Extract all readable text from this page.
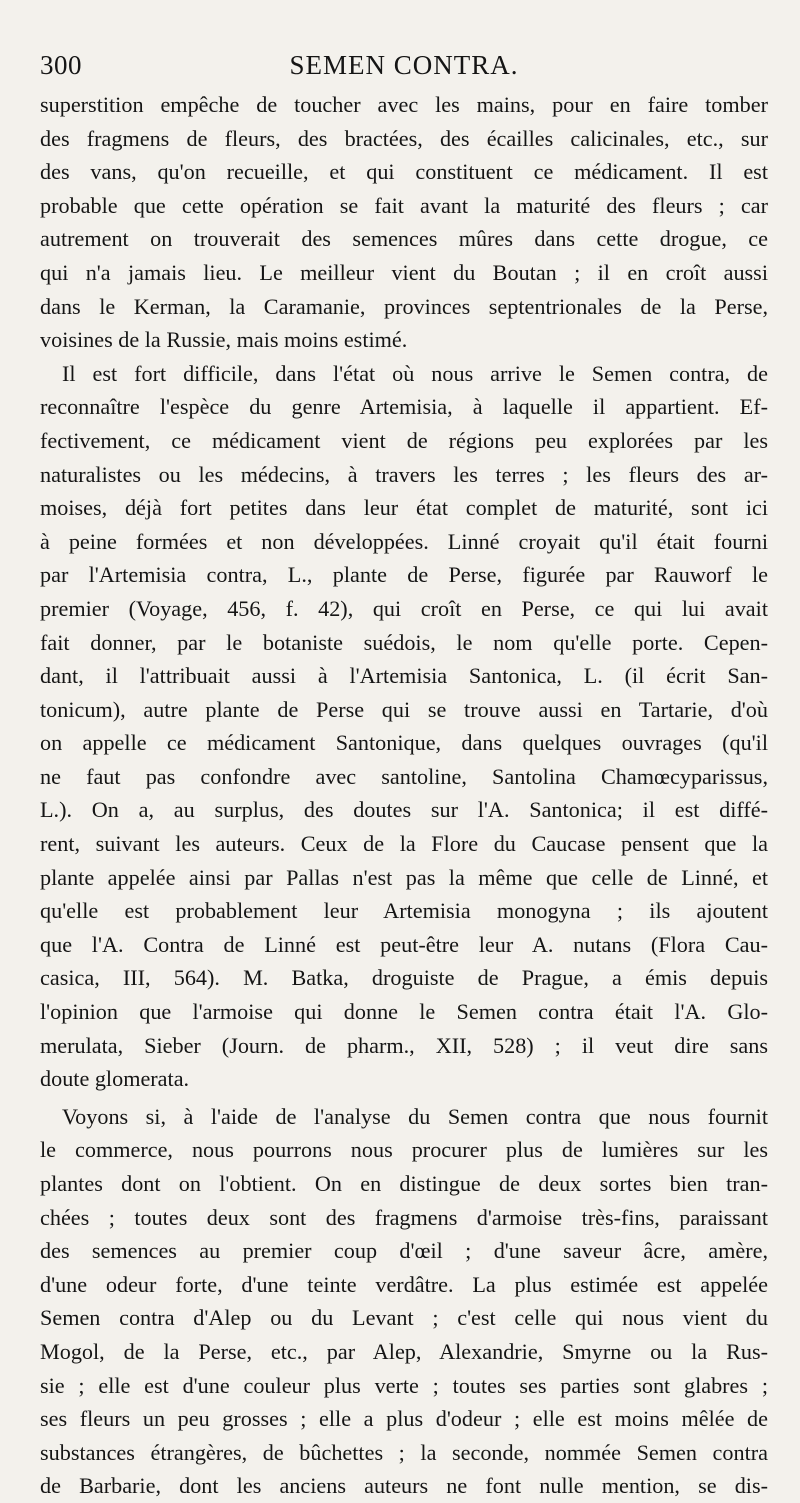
300	SEMEN CONTRA.
superstition empêche de toucher avec les mains, pour en faire tomber
des fragmens de fleurs, des bractées, des écailles calicinales, etc., sur
des vans, qu'on recueille, et qui constituent ce médicament. Il est
probable que cette opération se fait avant la maturité des fleurs ; car
autrement on trouverait des semences mûres dans cette drogue, ce
qui n'a jamais lieu. Le meilleur vient du Boutan ; il en croît aussi
dans le Kerman, la Caramanie, provinces septentrionales de la Perse,
voisines de la Russie, mais moins estimé.
Il est fort difficile, dans l'état où nous arrive le Semen contra, de
reconnaître l'espèce du genre Artemisia, à laquelle il appartient. Ef-
fectivement, ce médicament vient de régions peu explorées par les
naturalistes ou les médecins, à travers les terres ; les fleurs des ar-
moises, déjà fort petites dans leur état complet de maturité, sont ici
à peine formées et non développées. Linné croyait qu'il était fourni
par l'Artemisia contra, L., plante de Perse, figurée par Rauworf le
premier (Voyage, 456, f. 42), qui croît en Perse, ce qui lui avait
fait donner, par le botaniste suédois, le nom qu'elle porte. Cepen-
dant, il l'attribuait aussi à l'Artemisia Santonica, L. (il écrit San-
tonicum), autre plante de Perse qui se trouve aussi en Tartarie, d'où
on appelle ce médicament Santonique, dans quelques ouvrages (qu'il
ne faut pas confondre avec santoline, Santolina Chamœcyparissus,
L.). On a, au surplus, des doutes sur l'A. Santonica; il est diffé-
rent, suivant les auteurs. Ceux de la Flore du Caucase pensent que la
plante appelée ainsi par Pallas n'est pas la même que celle de Linné, et
qu'elle est probablement leur Artemisia monogyna ; ils ajoutent
que l'A. Contra de Linné est peut-être leur A. nutans (Flora Cau-
casica, III, 564). M. Batka, droguiste de Prague, a émis depuis
l'opinion que l'armoise qui donne le Semen contra était l'A. Glo-
merulata, Sieber (Journ. de pharm., XII, 528) ; il veut dire sans
doute glomerata.
Voyons si, à l'aide de l'analyse du Semen contra que nous fournit
le commerce, nous pourrons nous procurer plus de lumières sur les
plantes dont on l'obtient. On en distingue de deux sortes bien tran-
chées ; toutes deux sont des fragmens d'armoise très-fins, paraissant
des semences au premier coup d'œil ; d'une saveur âcre, amère,
d'une odeur forte, d'une teinte verdâtre. La plus estimée est appelée
Semen contra d'Alep ou du Levant ; c'est celle qui nous vient du
Mogol, de la Perse, etc., par Alep, Alexandrie, Smyrne ou la Rus-
sie ; elle est d'une couleur plus verte ; toutes ses parties sont glabres ;
ses fleurs un peu grosses ; elle a plus d'odeur ; elle est moins mêlée de
substances étrangères, de bûchettes ; la seconde, nommée Semen contra
de Barbarie, dont les anciens auteurs ne font nulle mention, se dis-
